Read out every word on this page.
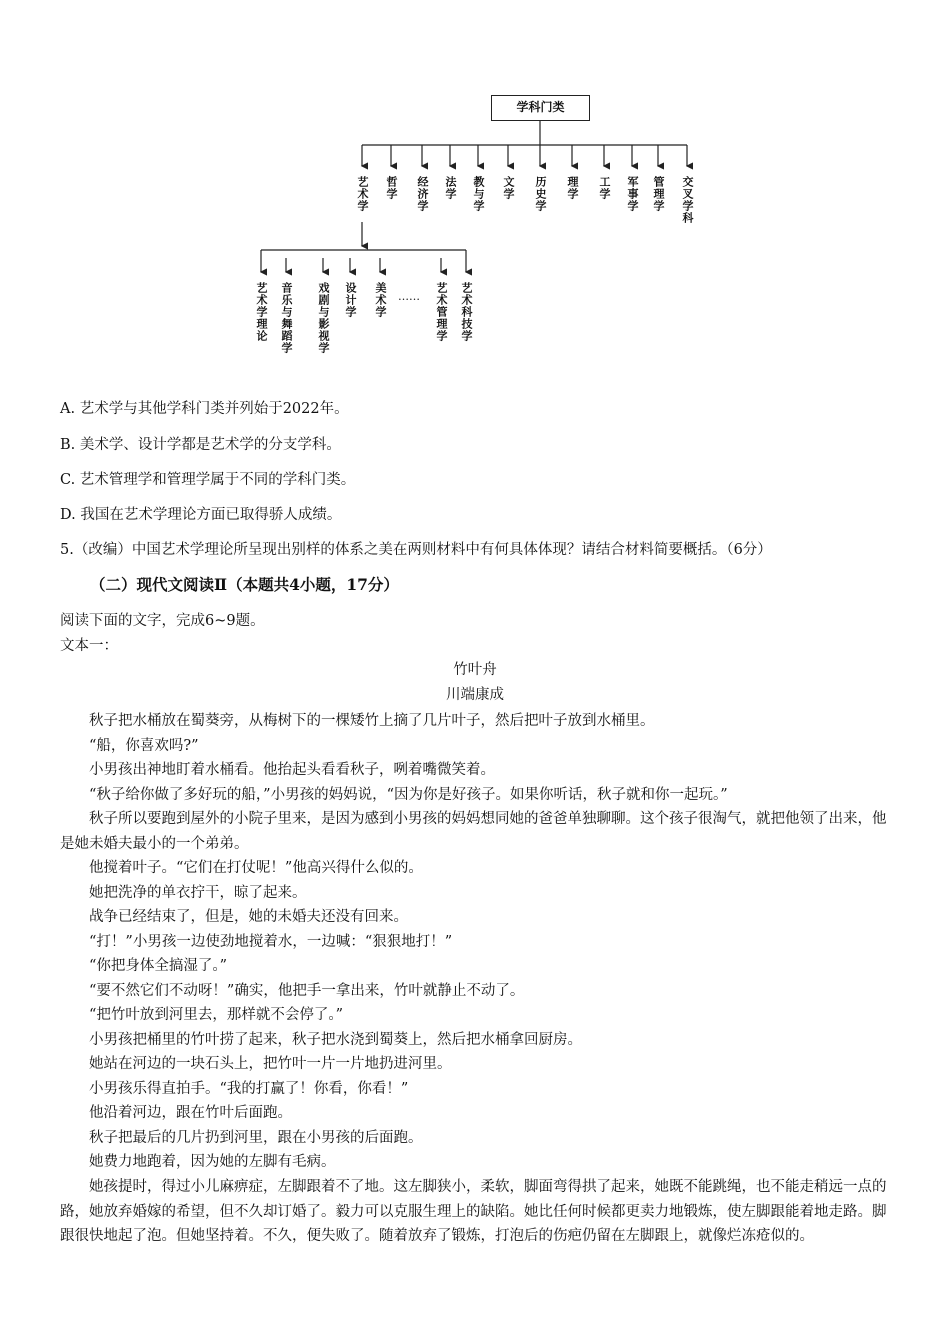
学科门类
艺术学 哲学 经济学 法学 教与学 文学 历史学 理学 工学 军事学 管理学 交叉学科
艺术学理论 音乐与舞蹈学 戏剧与影视学 设计学 美术学 …… 艺术管理学 艺术科技学
A. 艺术学与其他学科门类并列始于2022年。
B. 美术学、设计学都是艺术学的分支学科。
C. 艺术管理学和管理学属于不同的学科门类。
D. 我国在艺术学理论方面已取得骄人成绩。
5.（改编）中国艺术学理论所呈现出别样的体系之美在两则材料中有何具体体现？请结合材料简要概括。（6分）
（二）现代文阅读Ⅱ（本题共4小题，17分）
阅读下面的文字，完成6~9题。
文本一：
竹叶舟
川端康成
秋子把水桶放在蜀葵旁，从梅树下的一棵矮竹上摘了几片叶子，然后把叶子放到水桶里。
“船，你喜欢吗?”
小男孩出神地盯着水桶看。他抬起头看看秋子，咧着嘴微笑着。
“秋子给你做了多好玩的船，”小男孩的妈妈说，“因为你是好孩子。如果你听话，秋子就和你一起玩。”
秋子所以要跑到屋外的小院子里来，是因为感到小男孩的妈妈想同她的爸爸单独聊聊。这个孩子很淘气，就把他领了出来，他是她未婚夫最小的一个弟弟。
他搅着叶子。“它们在打仗呢！”他高兴得什么似的。
她把洗净的单衣拧干，晾了起来。
战争已经结束了，但是，她的未婚夫还没有回来。
“打！”小男孩一边使劲地搅着水，一边喊：“狠狠地打！”
“你把身体全搞湿了。”
“要不然它们不动呀！”确实，他把手一拿出来，竹叶就静止不动了。
“把竹叶放到河里去，那样就不会停了。”
小男孩把桶里的竹叶捞了起来，秋子把水浇到蜀葵上，然后把水桶拿回厨房。
她站在河边的一块石头上，把竹叶一片一片地扔进河里。
小男孩乐得直拍手。“我的打赢了！你看，你看！”
他沿着河边，跟在竹叶后面跑。
秋子把最后的几片扔到河里，跟在小男孩的后面跑。
她费力地跑着，因为她的左脚有毛病。
她孩提时，得过小儿麻痹症，左脚跟着不了地。这左脚狭小，柔软，脚面弯得拱了起来，她既不能跳绳，也不能走稍远一点的路，她放弃婚嫁的希望，但不久却订婚了。毅力可以克服生理上的缺陷。她比任何时候都更卖力地锻炼，使左脚跟能着地走路。脚跟很快地起了泡。但她坚持着。不久，便失败了。随着放弃了锻炼，打泡后的伤疤仍留在左脚跟上，就像烂冻疮似的。
